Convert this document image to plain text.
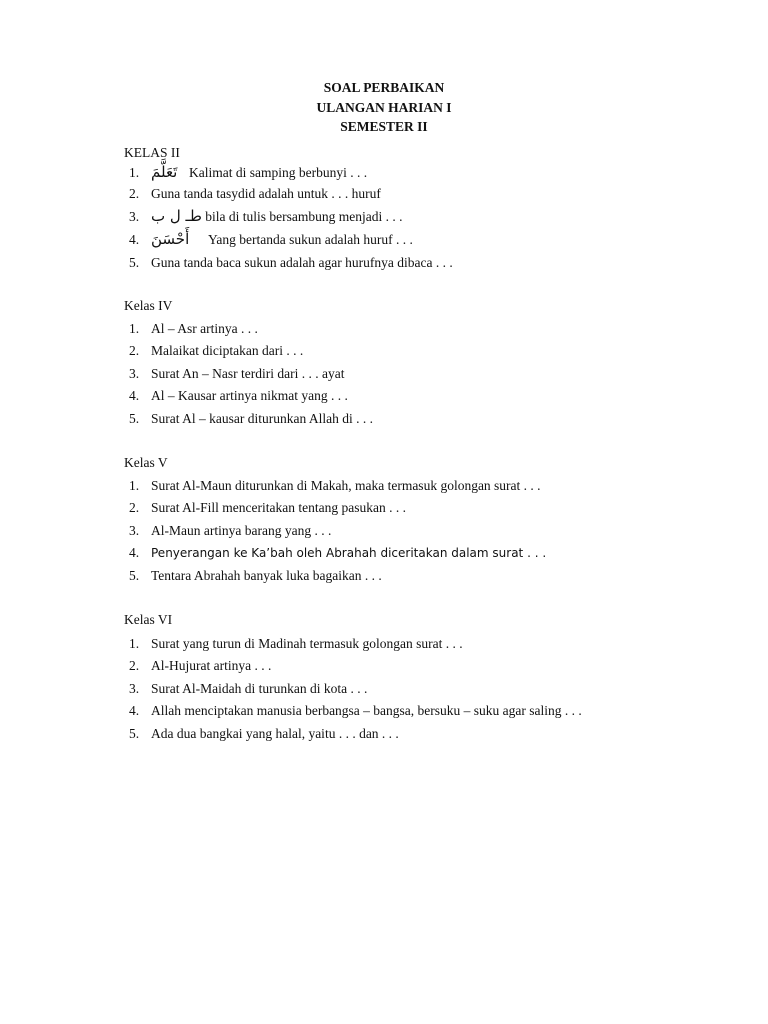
SOAL PERBAIKAN
ULANGAN HARIAN I
SEMESTER II
KELAS II
1. تَعَلَّمَ Kalimat di samping berbunyi . . .
2. Guna tanda tasydid adalah untuk . . . huruf
3. طـ ل ب bila di tulis bersambung menjadi . . .
4. أَحْسَنَ Yang bertanda sukun adalah huruf . . .
5. Guna tanda baca sukun adalah agar hurufnya dibaca . . .
Kelas IV
1. Al – Asr artinya . . .
2. Malaikat diciptakan dari . . .
3. Surat An – Nasr terdiri dari . . . ayat
4. Al – Kausar artinya nikmat yang . . .
5. Surat Al – kausar diturunkan Allah di . . .
Kelas V
1. Surat Al-Maun diturunkan di Makah, maka termasuk golongan surat . . .
2. Surat Al-Fill menceritakan tentang pasukan . . .
3. Al-Maun artinya barang yang . . .
4. Penyerangan ke Ka’bah oleh Abrahah diceritakan dalam surat . . .
5. Tentara Abrahah banyak luka bagaikan . . .
Kelas VI
1. Surat yang turun di Madinah termasuk golongan surat . . .
2. Al-Hujurat artinya . . .
3. Surat Al-Maidah di turunkan di kota . . .
4. Allah menciptakan manusia berbangsa – bangsa, bersuku – suku agar saling . . .
5. Ada dua bangkai yang halal, yaitu . . . dan . . .
